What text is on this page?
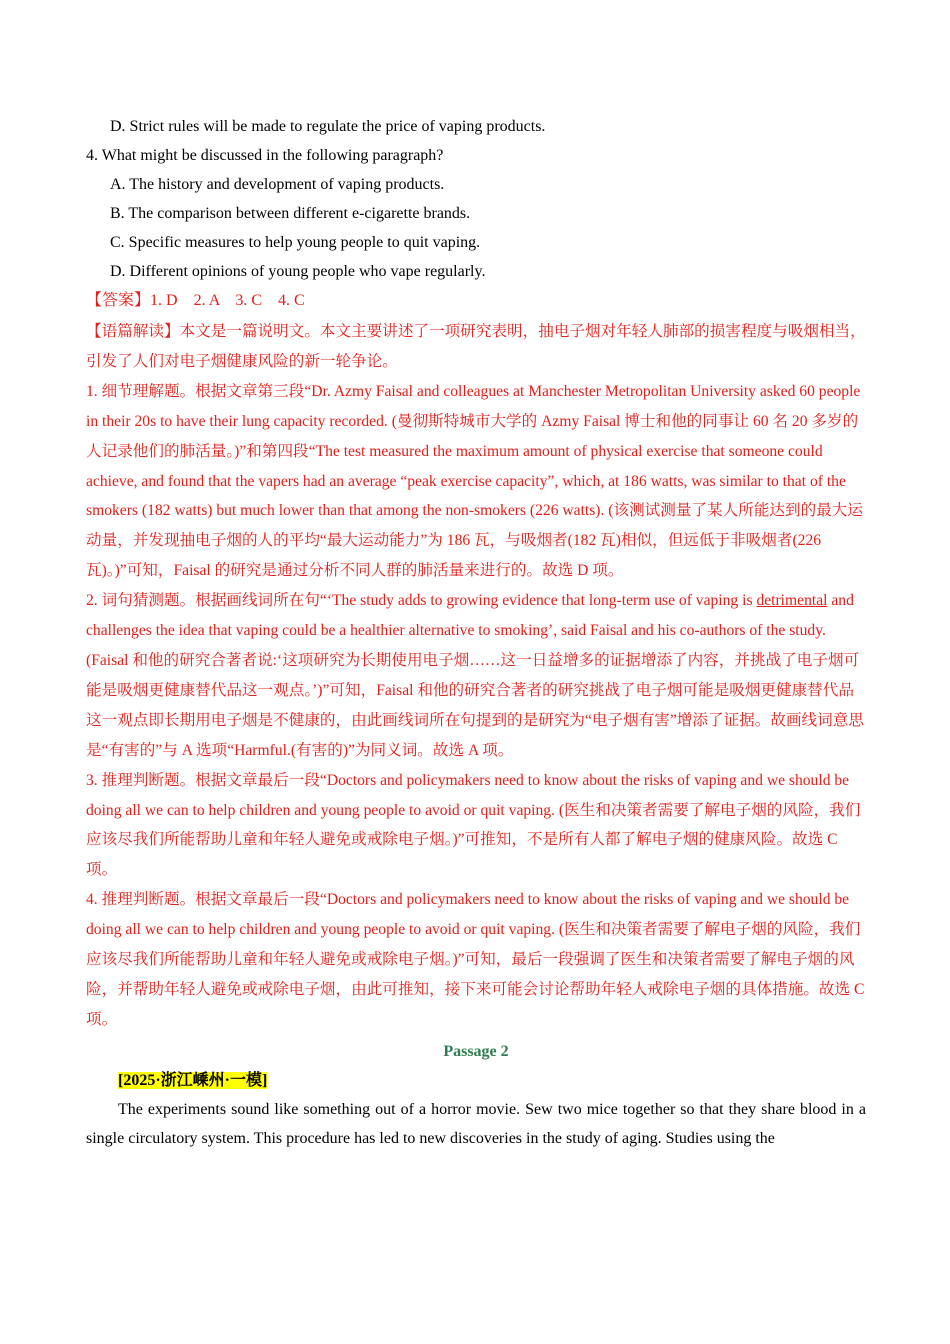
D. Strict rules will be made to regulate the price of vaping products.
4. What might be discussed in the following paragraph?
A. The history and development of vaping products.
B. The comparison between different e-cigarette brands.
C. Specific measures to help young people to quit vaping.
D. Different opinions of young people who vape regularly.
【答案】1. D　2. A　3. C　4. C
【语篇解读】本文是一篇说明文。本文主要讲述了一项研究表明，抽电子烟对年轻人肺部的损害程度与吸烟相当，引发了人们对电子烟健康风险的新一轮争论。
1. 细节理解题。根据文章第三段“Dr. Azmy Faisal and colleagues at Manchester Metropolitan University asked 60 people in their 20s to have their lung capacity recorded. (曼彻斯特城市大学的 Azmy Faisal 博士和他的同事让 60 名 20 多岁的人记录他们的肺活量。)”和第四段“The test measured the maximum amount of physical exercise that someone could achieve, and found that the vapers had an average “peak exercise capacity”, which, at 186 watts, was similar to that of the smokers (182 watts) but much lower than that among the non-smokers (226 watts). (该测试测量了某人所能达到的最大运动量，并发现抽电子烟的人的平均“最大运动能力”为 186 瓦，与吸烟者(182 瓦)相似，但远低于非吸烟者(226 瓦)。)”可知，Faisal 的研究是通过分析不同人群的肺活量来进行的。故选 D 项。
2. 词句猜测题。根据画线词所在句“‘The study adds to growing evidence that long-term use of vaping is detrimental and challenges the idea that vaping could be a healthier alternative to smoking’, said Faisal and his co-authors of the study. (Faisal 和他的研究合著者说:‘这项研究为长期使用电子烟……这一日益增多的证据增添了内容，并挑战了电子烟可能是吸烟更健康替代品这一观点。’)”可知，Faisal 和他的研究合著者的研究挑战了电子烟可能是吸烟更健康替代品这一观点即长期用电子烟是不健康的，由此画线词所在句提到的是研究为“电子烟有害”增添了证据。故画线词意思是“有害的”与 A 选项“Harmful.(有害的)”为同义词。故选 A 项。
3. 推理判断题。根据文章最后一段“Doctors and policymakers need to know about the risks of vaping and we should be doing all we can to help children and young people to avoid or quit vaping. (医生和决策者需要了解电子烟的风险，我们应该尽我们所能帮助儿童和年轻人避免或戒除电子烟。)”可推知，不是所有人都了解电子烟的健康风险。故选 C 项。
4. 推理判断题。根据文章最后一段“Doctors and policymakers need to know about the risks of vaping and we should be doing all we can to help children and young people to avoid or quit vaping. (医生和决策者需要了解电子烟的风险，我们应该尽我们所能帮助儿童和年轻人避免或戒除电子烟。)”可知，最后一段强调了医生和决策者需要了解电子烟的风险，并帮助年轻人避免或戒除电子烟，由此可推知，接下来可能会讨论帮助年轻人戒除电子烟的具体措施。故选 C 项。
Passage 2
[2025·浙江嵊州·一模]
The experiments sound like something out of a horror movie. Sew two mice together so that they share blood in a single circulatory system. This procedure has led to new discoveries in the study of aging. Studies using the
